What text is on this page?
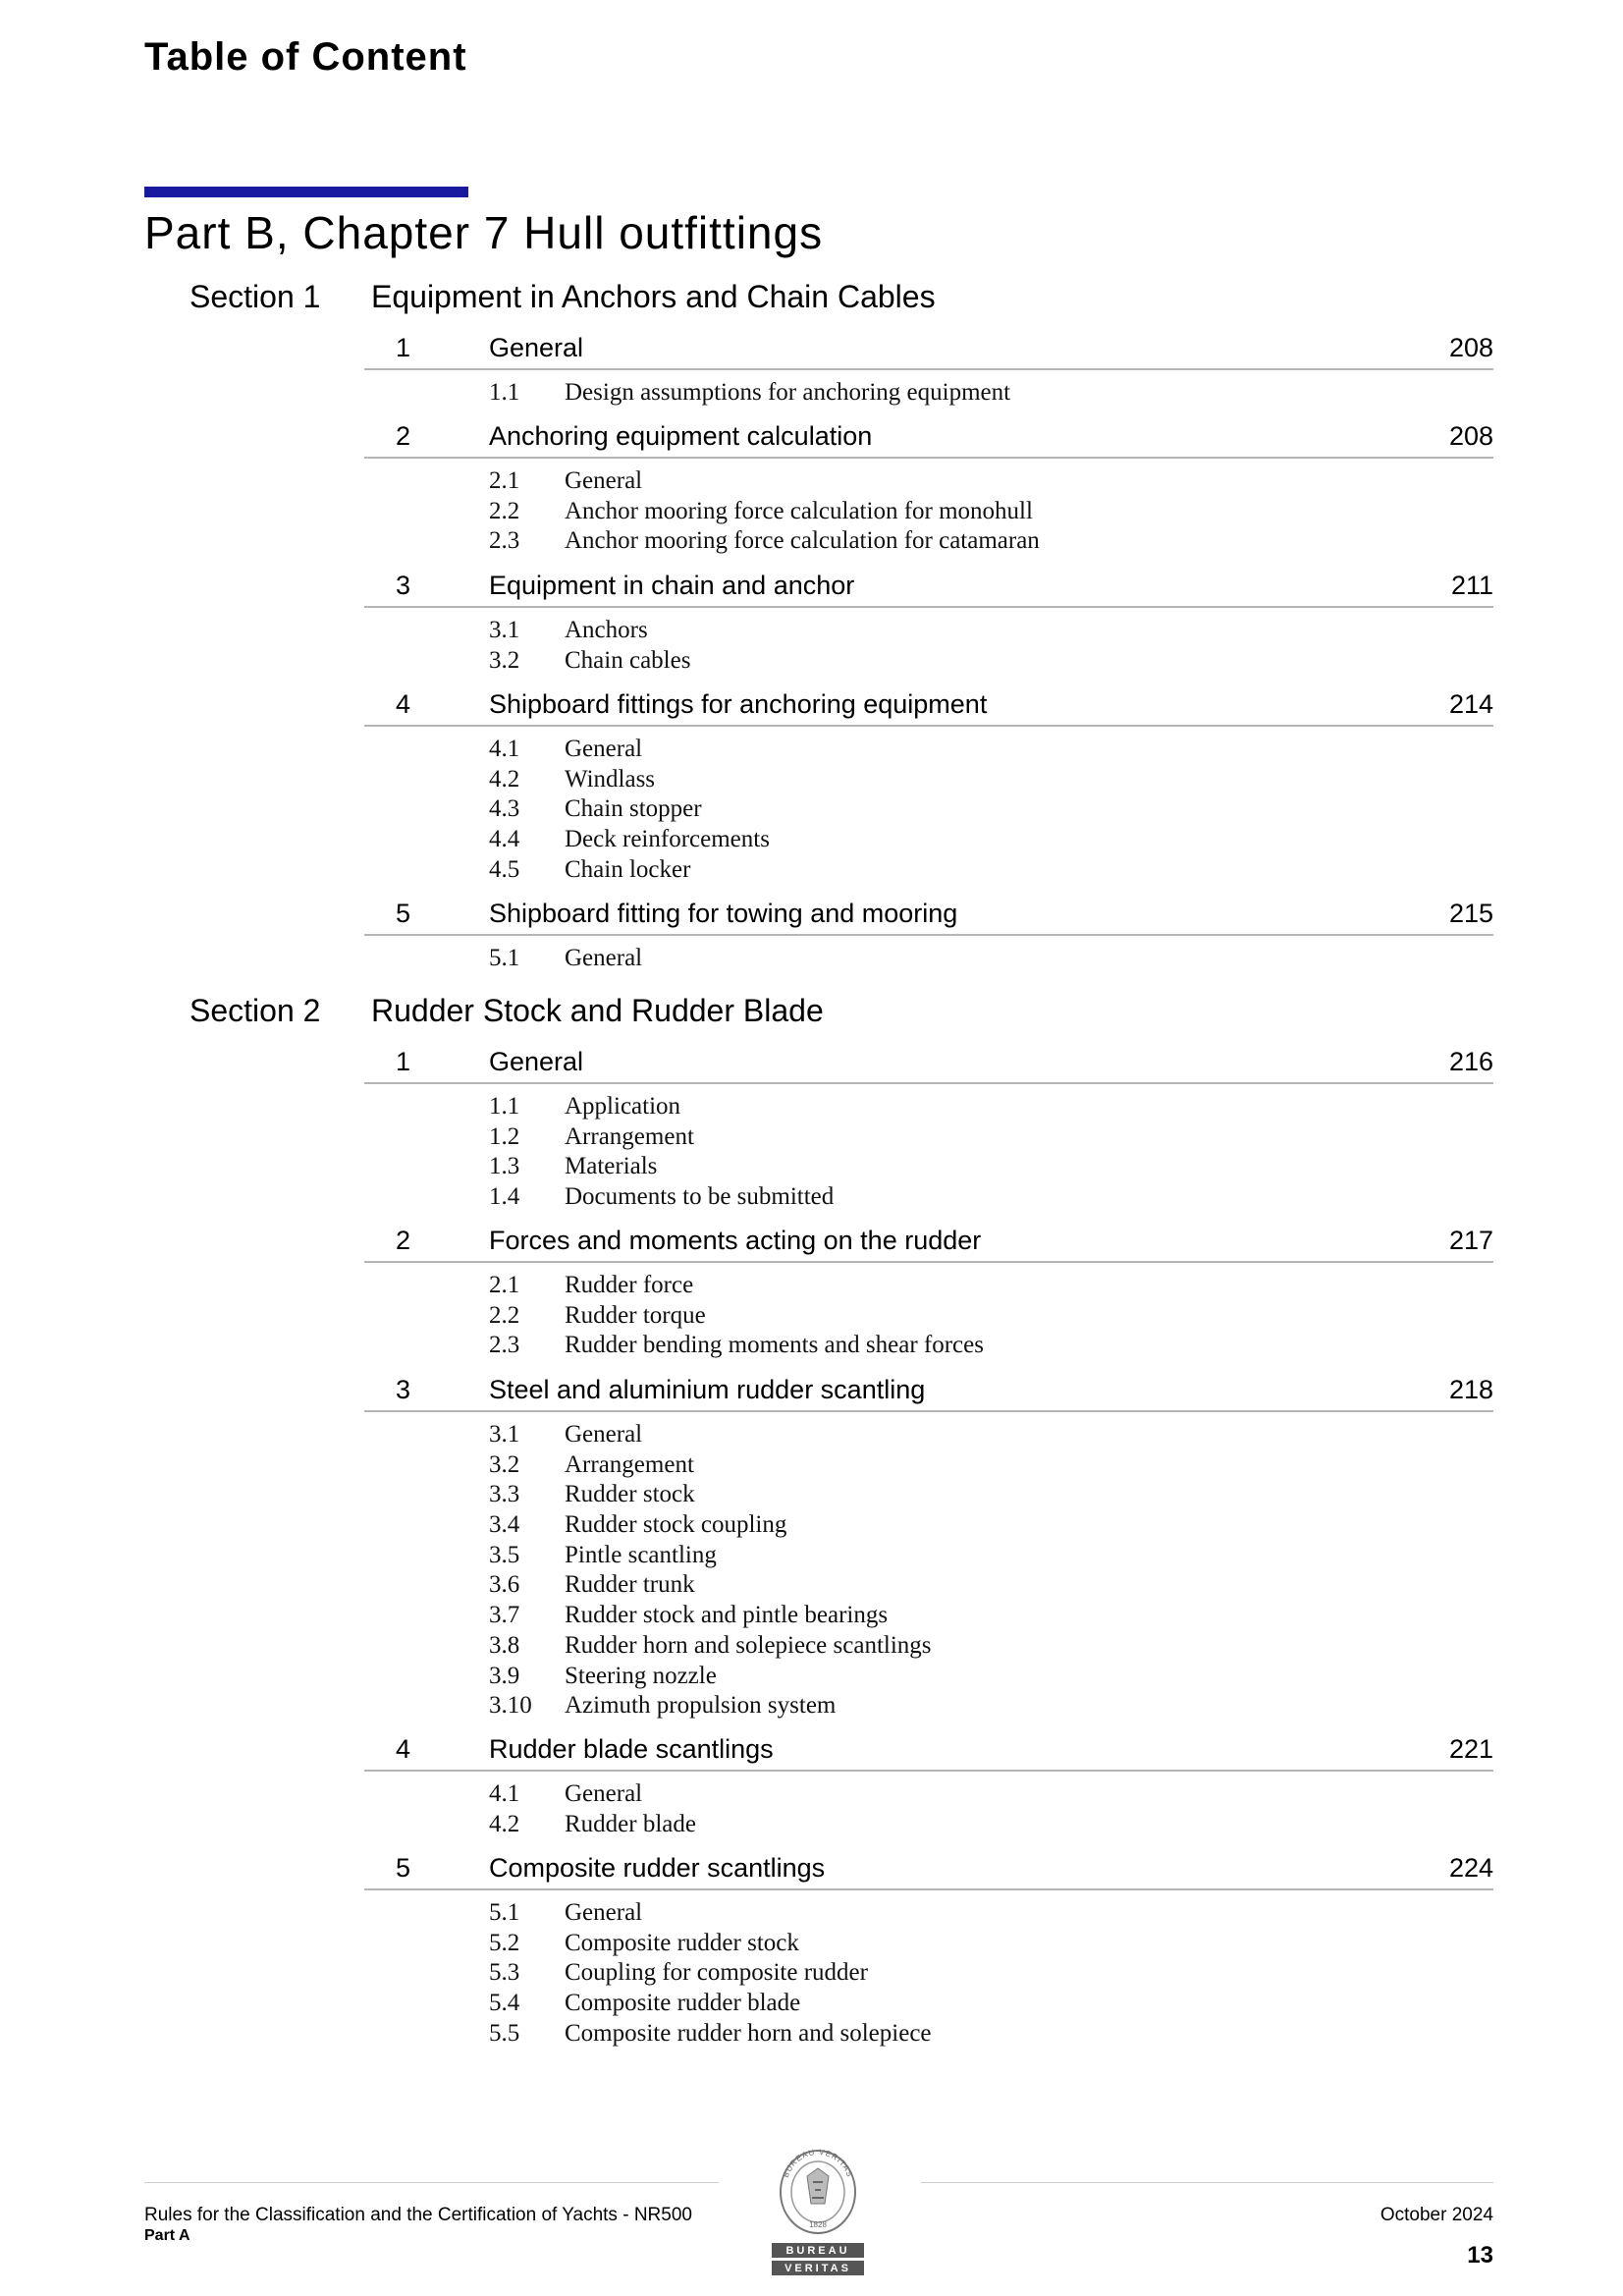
Table of Content
Part B, Chapter 7 Hull outfittings
Section 1 Equipment in Anchors and Chain Cables
1	General	208
1.1 Design assumptions for anchoring equipment
2	Anchoring equipment calculation	208
2.1 General
2.2 Anchor mooring force calculation for monohull
2.3 Anchor mooring force calculation for catamaran
3	Equipment in chain and anchor	211
3.1 Anchors
3.2 Chain cables
4	Shipboard fittings for anchoring equipment	214
4.1 General
4.2 Windlass
4.3 Chain stopper
4.4 Deck reinforcements
4.5 Chain locker
5	Shipboard fitting for towing and mooring	215
5.1 General
Section 2 Rudder Stock and Rudder Blade
1	General	216
1.1 Application
1.2 Arrangement
1.3 Materials
1.4 Documents to be submitted
2	Forces and moments acting on the rudder	217
2.1 Rudder force
2.2 Rudder torque
2.3 Rudder bending moments and shear forces
3	Steel and aluminium rudder scantling	218
3.1 General
3.2 Arrangement
3.3 Rudder stock
3.4 Rudder stock coupling
3.5 Pintle scantling
3.6 Rudder trunk
3.7 Rudder stock and pintle bearings
3.8 Rudder horn and solepiece scantlings
3.9 Steering nozzle
3.10 Azimuth propulsion system
4	Rudder blade scantlings	221
4.1 General
4.2 Rudder blade
5	Composite rudder scantlings	224
5.1 General
5.2 Composite rudder stock
5.3 Coupling for composite rudder
5.4 Composite rudder blade
5.5 Composite rudder horn and solepiece
Rules for the Classification and the Certification of Yachts - NR500
Part A
October 2024
13
BUREAU VERITAS
1828
BUREAU
VERITAS
